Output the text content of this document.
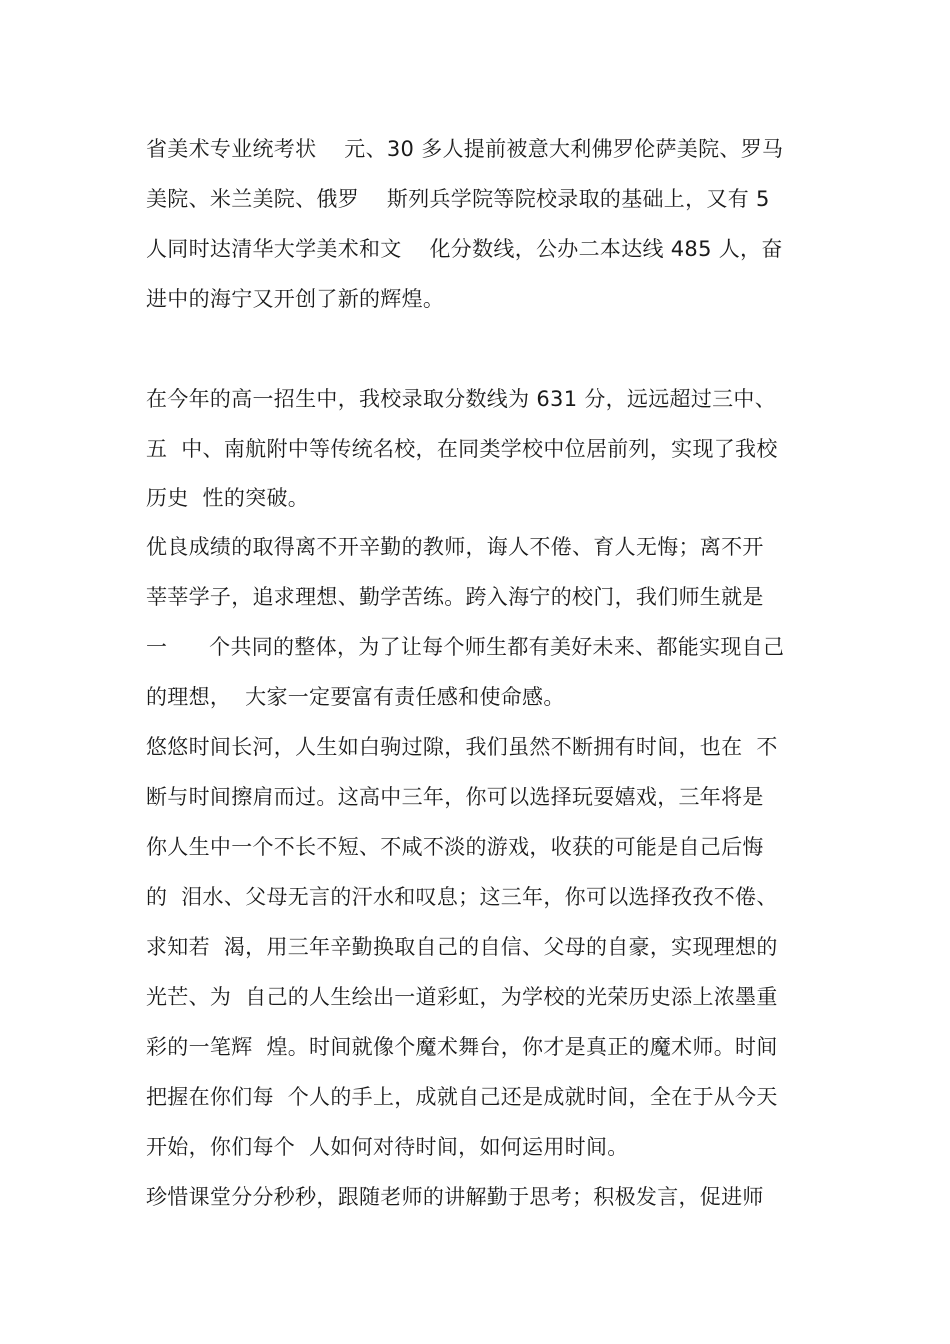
省美术专业统考状    元、30 多人提前被意大利佛罗伦萨美院、罗马
美院、米兰美院、俄罗    斯列兵学院等院校录取的基础上，又有 5
人同时达清华大学美术和文    化分数线，公办二本达线 485 人，奋
进中的海宁又开创了新的辉煌。
在今年的高一招生中，我校录取分数线为 631 分，远远超过三中、
五  中、南航附中等传统名校，在同类学校中位居前列，实现了我校
历史  性的突破。
优良成绩的取得离不开辛勤的教师，诲人不倦、育人无悔；离不开
莘莘学子，追求理想、勤学苦练。跨入海宁的校门，我们师生就是
一      个共同的整体，为了让每个师生都有美好未来、都能实现自己
的理想，  大家一定要富有责任感和使命感。
悠悠时间长河，人生如白驹过隙，我们虽然不断拥有时间，也在  不
断与时间擦肩而过。这高中三年，你可以选择玩耍嬉戏，三年将是
你人生中一个不长不短、不咸不淡的游戏，收获的可能是自己后悔
的  泪水、父母无言的汗水和叹息；这三年，你可以选择孜孜不倦、
求知若  渴，用三年辛勤换取自己的自信、父母的自豪，实现理想的
光芒、为  自己的人生绘出一道彩虹，为学校的光荣历史添上浓墨重
彩的一笔辉  煌。时间就像个魔术舞台，你才是真正的魔术师。时间
把握在你们每  个人的手上，成就自己还是成就时间，全在于从今天
开始，你们每个  人如何对待时间，如何运用时间。
珍惜课堂分分秒秒，跟随老师的讲解勤于思考；积极发言，促进师
